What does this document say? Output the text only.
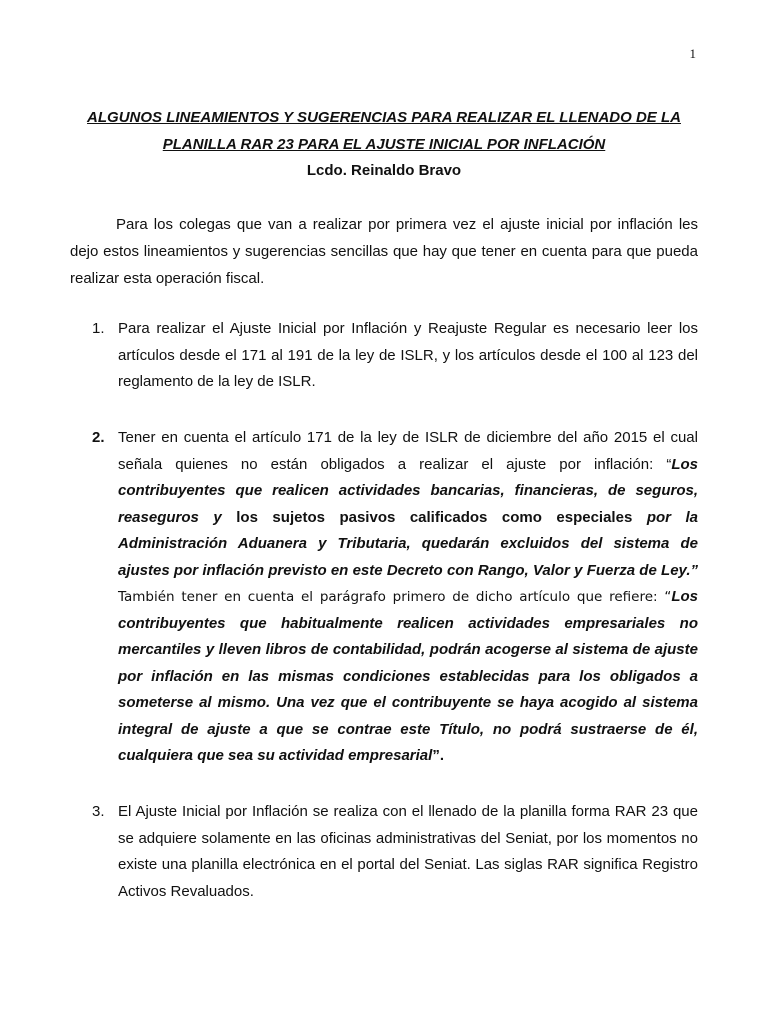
1
ALGUNOS LINEAMIENTOS Y SUGERENCIAS PARA REALIZAR EL LLENADO DE LA
PLANILLA RAR 23 PARA EL AJUSTE INICIAL POR INFLACIÓN
Lcdo. Reinaldo Bravo

Para los colegas que van a realizar por primera vez el ajuste inicial por inflación les dejo estos lineamientos y sugerencias sencillas que hay que tener en cuenta para que pueda realizar esta operación fiscal.

1. Para realizar el Ajuste Inicial por Inflación y Reajuste Regular es necesario leer los artículos desde el 171 al 191 de la ley de ISLR, y los artículos desde el 100 al 123 del reglamento de la ley de ISLR.
2. Tener en cuenta el artículo 171 de la ley de ISLR de diciembre del año 2015 el cual señala quienes no están obligados a realizar el ajuste por inflación: “Los contribuyentes que realicen actividades bancarias, financieras, de seguros, reaseguros y los sujetos pasivos calificados como especiales por la Administración Aduanera y Tributaria, quedarán excluidos del sistema de ajustes por inflación previsto en este Decreto con Rango, Valor y Fuerza de Ley.” También tener en cuenta el parágrafo primero de dicho artículo que refiere: “Los contribuyentes que habitualmente realicen actividades empresariales no mercantiles y lleven libros de contabilidad, podrán acogerse al sistema de ajuste por inflación en las mismas condiciones establecidas para los obligados a someterse al mismo. Una vez que el contribuyente se haya acogido al sistema integral de ajuste a que se contrae este Título, no podrá sustraerse de él, cualquiera que sea su actividad empresarial”.
3. El Ajuste Inicial por Inflación se realiza con el llenado de la planilla forma RAR 23 que se adquiere solamente en las oficinas administrativas del Seniat, por los momentos no existe una planilla electrónica en el portal del Seniat. Las siglas RAR significa Registro Activos Revaluados.
